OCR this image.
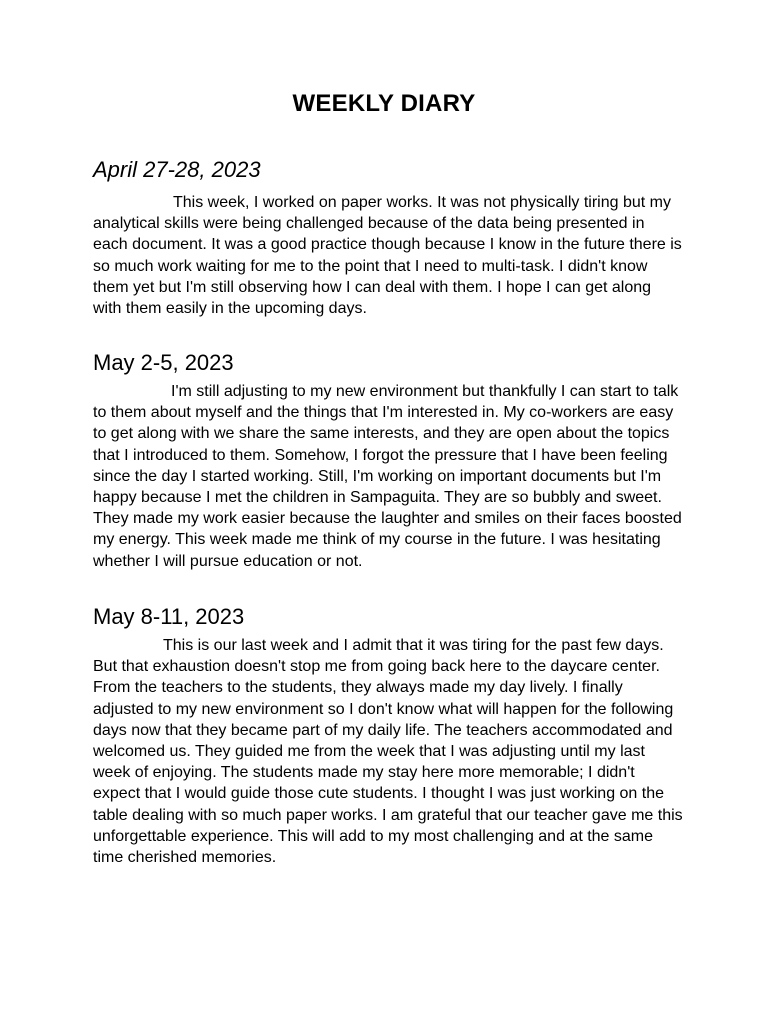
WEEKLY DIARY
April 27-28, 2023

This week, I worked on paper works. It was not physically tiring but my analytical skills were being challenged because of the data being presented in each document. It was a good practice though because I know in the future there is so much work waiting for me to the point that I need to multi-task. I didn't know them yet but I'm still observing how I can deal with them. I hope I can get along with them easily in the upcoming days.

May 2-5, 2023

I'm still adjusting to my new environment but thankfully I can start to talk to them about myself and the things that I'm interested in. My co-workers are easy to get along with we share the same interests, and they are open about the topics that I introduced to them. Somehow, I forgot the pressure that I have been feeling since the day I started working. Still, I'm working on important documents but I'm happy because I met the children in Sampaguita. They are so bubbly and sweet. They made my work easier because the laughter and smiles on their faces boosted my energy. This week made me think of my course in the future. I was hesitating whether I will pursue education or not.

May 8-11, 2023

This is our last week and I admit that it was tiring for the past few days. But that exhaustion doesn't stop me from going back here to the daycare center. From the teachers to the students, they always made my day lively. I finally adjusted to my new environment so I don't know what will happen for the following days now that they became part of my daily life. The teachers accommodated and welcomed us. They guided me from the week that I was adjusting until my last week of enjoying. The students made my stay here more memorable; I didn't expect that I would guide those cute students. I thought I was just working on the table dealing with so much paper works. I am grateful that our teacher gave me this unforgettable experience. This will add to my most challenging and at the same time cherished memories.
